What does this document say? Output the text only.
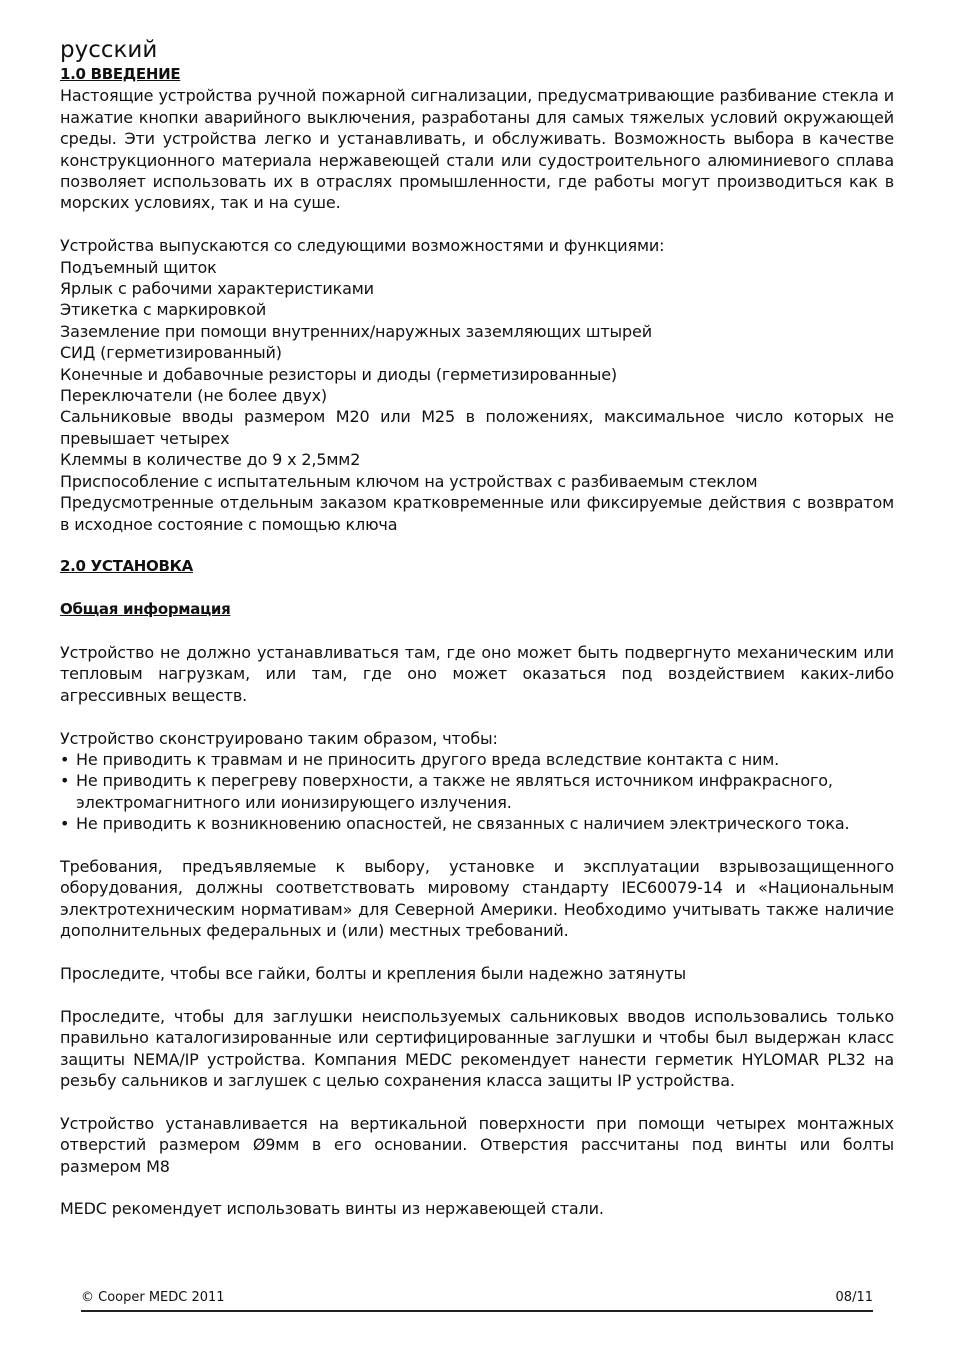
русский
1.0 ВВЕДЕНИЕ

Настоящие устройства ручной пожарной сигнализации, предусматривающие разбивание стекла и нажатие кнопки аварийного выключения, разработаны для самых тяжелых условий окружающей среды. Эти устройства легко и устанавливать, и обслуживать. Возможность выбора в качестве конструкционного материала нержавеющей стали или судостроительного алюминиевого сплава позволяет использовать их в отраслях промышленности, где работы могут производиться как в морских условиях, так и на суше.

Устройства выпускаются со следующими возможностями и функциями:

Подъемный щиток

Ярлык с рабочими характеристиками

Этикетка с маркировкой

Заземление при помощи внутренних/наружных заземляющих штырей

СИД (герметизированный)

Конечные и добавочные резисторы и диоды (герметизированные)

Переключатели (не более двух)

Сальниковые вводы размером M20 или M25 в положениях, максимальное число которых не превышает четырех

Клеммы в количестве до 9 х 2,5мм2

Приспособление с испытательным ключом на устройствах с разбиваемым стеклом

Предусмотренные отдельным заказом кратковременные или фиксируемые действия с возвратом в исходное состояние с помощью ключа

2.0 УСТАНОВКА
Общая информация

Устройство не должно устанавливаться там, где оно может быть подвергнуто механическим или тепловым нагрузкам, или там, где оно может оказаться под воздействием каких-либо агрессивных веществ.

Устройство сконструировано таким образом, чтобы:
• Не приводить к травмам и не приносить другого вреда вследствие контакта с ним.
• Не приводить к перегреву поверхности, а также не являться источником инфракрасного, электромагнитного или ионизирующего излучения.
• Не приводить к возникновению опасностей, не связанных с наличием электрического тока.

Требования, предъявляемые к выбору, установке и эксплуатации взрывозащищенного оборудования, должны соответствовать мировому стандарту IEC60079-14 и «Национальным электротехническим нормативам» для Северной Америки. Необходимо учитывать также наличие дополнительных федеральных и (или) местных требований.

Проследите, чтобы все гайки, болты и крепления были надежно затянуты

Проследите, чтобы для заглушки неиспользуемых сальниковых вводов использовались только правильно каталогизированные или сертифицированные заглушки и чтобы был выдержан класс защиты NEMA/IP устройства. Компания MEDC рекомендует нанести герметик HYLOMAR PL32 на резьбу сальников и заглушек с целью сохранения класса защиты IP устройства.

Устройство устанавливается на вертикальной поверхности при помощи четырех монтажных отверстий размером Ø9мм в его основании. Отверстия рассчитаны под винты или болты размером M8

MEDC рекомендует использовать винты из нержавеющей стали.

© Cooper MEDC 2011	08/11
